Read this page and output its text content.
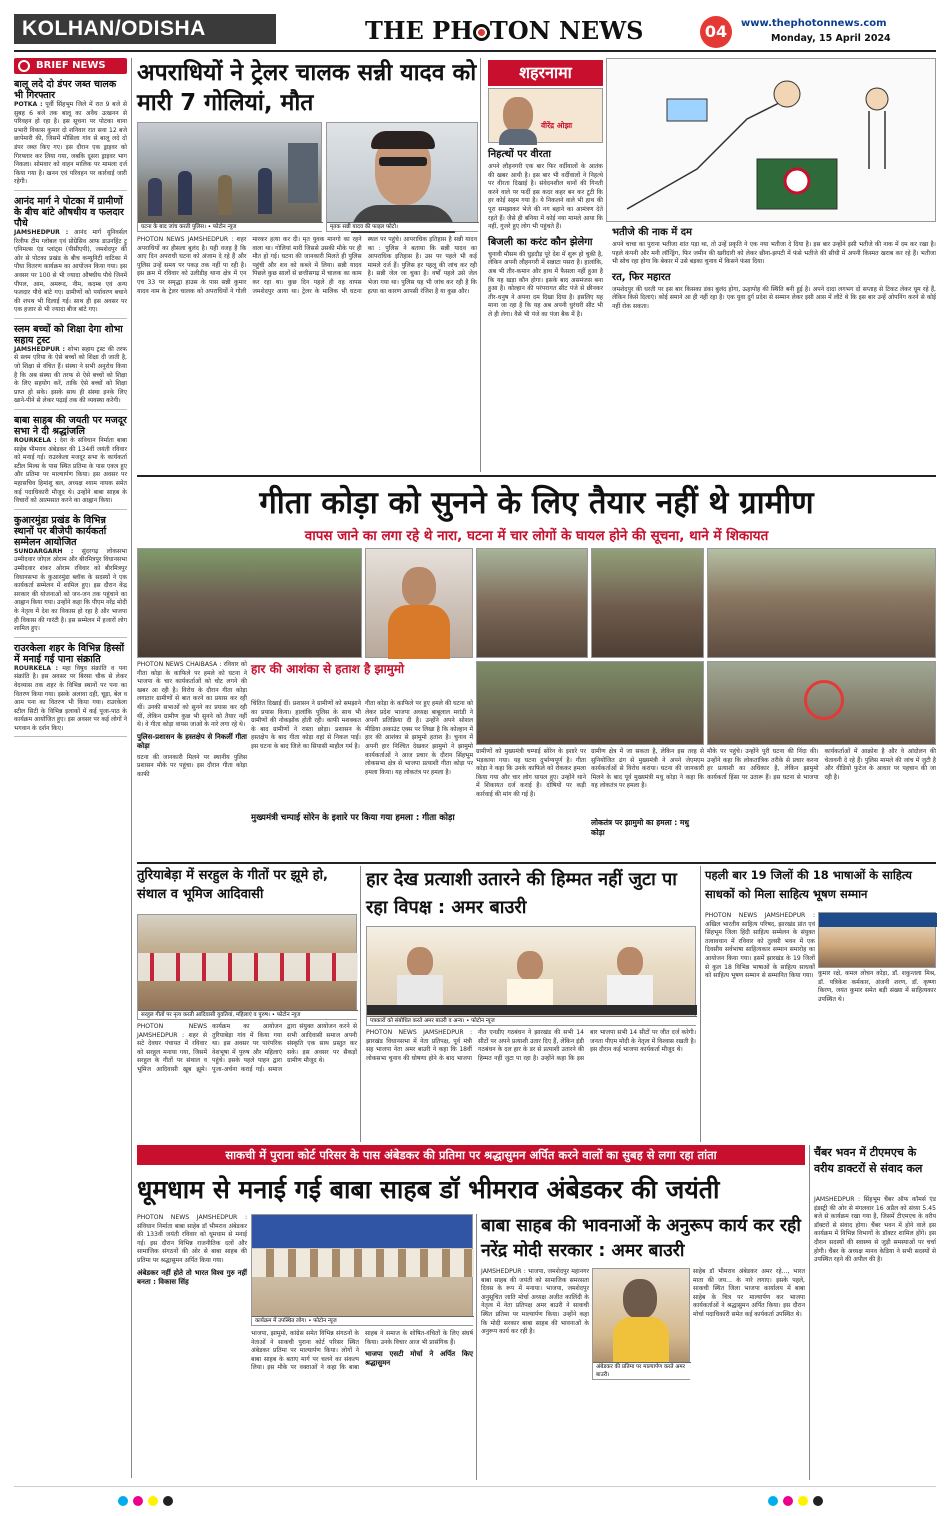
KOLHAN/ODISHA	THE PH TON NEWS	04	www.thephotonnews.com
Monday, 15 April 2024
BRIEF NEWS
बालू लदे दो डंपर जब्त चालक भी गिरफ्तार
POTKA : पूर्वी सिंहभूम जिले में रात 9 बजे से सुबह 6 बजे तक बालू का अवैध उत्खनन से परिवहन हो रहा है। इस सूचना पर पोटका थाना प्रभारी विकास कुमार दो शनिवार रात सवा 12 बजे छापेमारी की, जिसमें मौसिला गांव से बालू लदे दो डंपर जब्त किए गए। इस दौरान एक ड्राइवर को गिरफ्तार कर लिया गया, जबकि दूसरा ड्राइवर भाग निकला। सोमवार को वाहन मालिक पर मामला दर्ज किया गया है। खनन एवं परिवहन पर कार्रवाई जारी रहेगी।
आनंद मार्ग ने पोटका में ग्रामीणों के बीच बांटे औषधीय व फलदार पौधे
JAMSHEDPUR : आनंद मार्ग यूनिवर्सल रिलीफ टीम ग्लोबल एवं प्रोग्रेसिव आफ डाउनहिंट ट्रू एनिमल्स एंड प्लांट्स (पीसीएपी), जमशेदपुर की ओर से पोटका प्रखंड के बीच कम्युनिटी वाटिका में पौधा वितरण कार्यक्रम का आयोजन किया गया। इस अवसर पर 100 से भी ज्यादा औषधीय पौधे जिनमें पीपल, आम, अमरूद, नीम, कदम्ब एवं अन्य फलदार पौधे बांटे गए। ग्रामीणों को पर्यावरण बचाने की शपथ भी दिलाई गई। साथ ही इस अवसर पर एक हजार से भी ज्यादा बीज बांटे गए।
स्लम बच्चों को शिक्षा देगा शोभा सहाय ट्रस्ट
JAMSHEDPUR : शोभा सहाय ट्रस्ट की तरफ से स्लम एरिया के ऐसे बच्चों को शिक्षा दी जाती है, जो शिक्षा से वंचित हैं। संस्था ने सभी अनुरोध किया है कि अब संस्था की तरफ से ऐसे बच्चों को शिक्षा के लिए सहयोग करें, ताकि ऐसे बच्चों को शिक्षा प्राप्त हो सके। इसके साथ ही संस्था इनके लिए खाने-पीने से लेकर पढ़ाई तक की व्यवस्था करेगी।
बाबा साहब की जयती पर मजदूर सभा ने दी श्रद्धांजलि
ROURKELA : देश के संविधान निर्माता बाबा साहेब भीमराव अंबेडकर की 134वीं जयंती रविवार को मनाई गई। राउरकेला मजदूर सभा के कार्यकर्ता स्टील मिल्स के पास स्थित प्रतिमा के पास एकत्र हुए और प्रतिमा पर माल्यार्पण किया। इस अवसर पर महासचिव हिमांशु बल, अध्यक्ष श्याम नायक समेत कई पदाधिकारी मौजूद थे। उन्होंने बाबा साहब के विचारों को आत्मसात करने का आह्वान किया।
कुआरमुंडा प्रखंड के विभिन्न स्थानों पर बीजेपी कार्यकर्ता सम्मेलन आयोजित
SUNDARGARH : सुंदरगढ़ लोकसभा उम्मीदवार जोएल ओराम और बीरमित्रपुर विधानसभा उम्मीदवार शंकर ओराम रविवार को बीरमित्रपुर विधानसभा के कुआरमुंडा ब्लॉक के सदस्यों ने एक कार्यकर्ता सम्मेलन में शामिल हुए। इस दौरान केंद्र सरकार की योजनाओं को जन-जन तक पहुंचाने का आह्वान किया गया। उन्होंने कहा कि पीएम नरेंद्र मोदी के नेतृत्व में देश का विकास हो रहा है और भाजपा ही विकास की गारंटी है। इस सम्मेलन में हजारों लोग शामिल हुए।
राउरकेला शहर के विभिन्न हिस्सों में मनाई गई पाना संक्राति
ROURKELA : महा विषुव संक्रांति व पना संक्रांति है। इस अवसर पर बिरसा चौक से लेकर वेदव्यास तक शहर के विभिन्न स्थानों पर पना का वितरण किया गया। इसके अलावा दही, चूड़ा, बेल व आम पना का वितरण भी किया गया। राउरकेला स्टील सिटी के विभिन्न इलाकों में कई पूजा-पाठ के कार्यक्रम आयोजित हुए। इस अवसर पर कई लोगों ने भगवान के दर्शन किए।
अपराधियों ने ट्रेलर चालक सन्नी यादव को मारी 7 गोलियां, मौत
घटना के बाद जांच करती पुलिस। • फोटोन न्यूज	मृतक सन्नी यादव की फाइल फोटो।
PHOTON NEWS JAMSHEDPUR : शहर अपराधियों का हौसला बुलंद है। यही वजह है कि आए दिन अपराधी घटना को अंजाम दे रहे हैं और पुलिस उन्हें समय पर पकड़ तक नहीं पा रही है। इस क्रम में रविवार को उलीडीह थाना क्षेत्र में एन एच 33 पर समृद्धा हाउस के पास सन्नी कुमार यादव नाम के ट्रेलर चालक को अपराधियों ने गोली मारकर हत्या कर दी। मृत युवक मानगो का रहने वाला था। गोलियां मारी जिससे उसकी मौके पर ही मौत हो गई। घटना की जानकारी मिलते ही पुलिस पहुंची और शव को कब्जे में लिया। सन्नी यादव पिछले कुछ सालों से छत्तीसगढ़ में चालक का काम कर रहा था। कुछ दिन पहले ही वह वापस जमशेदपुर आया था। ट्रेलर के मालिक भी घटना स्थल पर पहुंचे। आपराधिक इतिहास है सन्नी यादव का : पुलिस ने बताया कि सन्नी यादव का आपराधिक इतिहास है। उस पर पहले भी कई मामले दर्ज हैं। पुलिस हर पहलू की जांच कर रही है। सन्नी जेल जा चुका है। वर्षों पहले उसे जेल भेजा गया था। पुलिस यह भी जांच कर रही है कि हत्या का कारण आपसी रंजिश है या कुछ और।
शहरनामा
वीरेंद्र ओझा
निहत्थों पर वीरता
अपने लौहनगरी एक बार फिर वर्दीवालों के आतंक की खबर आयी है। इस बार भी वर्दीवालों ने निहत्थे पर वीरता दिखाई है। संवेदनशील थानों की गिनती करने वाले पर फर्दी इस कदर कहर बन कर टूटी कि हर कोई सहम गया है। ये निकलने वाले भी हाथ की पूरा समझाकर भेजे की नग बहाने का आमंत्रण देते रहते हैं। जैसे ही बनिया में कोई नया मामले आया कि नहीं, गुजरे हुए लोग भी पहुंचते हैं।
बिजली का करंट कौन झेलेगा
चुनावी मौसम की घुड़दौड़ पूरे देश में शुरू हो चुकी है, लेकिन अपनी लौहनगरी में सन्नाटा पसरा है। हालांकि, अब भी तीर-कमान और हाथ में फैसला नहीं हुआ है कि यह खड़ा कौन होगा। इसके बाद असमंजस बना हुआ है। कोल्हान की परंपरागत सीट पंजे से छीनकर तीर-धनुष ने अपना दम दिखा दिया है। इसलिए यह माना जा रहा है कि यह अब अपनी धुरंधरी सीट भी ले ही लेगा। वैसे भी पंजे का पंजा बैक में है।
भतीजे की नाक में दम
अपने चाचा का पुराना भतीजा शांत पड़ा था, तो उन्हें प्रकृति ने एक नया भतीजा दे दिया है। इस बार उन्होंने इसी भतीजे की नाक में दम कर रखा है। पहले कंपनी और मनी लॉन्ड्रिंग, फिर जमीन की खरीदारी को लेकर छीना-झपटी में फंसे भतीजे की सीधी में अपनी किस्मत खराब कर रहे हैं। भतीजा भी सोच रहा होगा कि बेकार में उसे बड़का चुनाव में किसने फंसा दिया।
रत, फिर महारत
जमशेदपुर की धरती पर इस बार किसका डंका बुलंद होगा, ऊहापोह की स्थिति बनी हुई है। अपने दादा लगभग दो सप्ताह से टिकट लेकर घूम रहे हैं, लेकिन किसे दिलाएं। कोई समाने आ ही नहीं रहा है। एक युवा दुर्ग प्रदेश से सम्मान लेकर इसी आस में लौटे थे कि इस बार उन्हें ओपनिंग करने से कोई नहीं रोक सकता।
गीता कोड़ा को सुनने के लिए तैयार नहीं थे ग्रामीण
वापस जाने का लगा रहे थे नारा, घटना में चार लोगों के घायल होने की सूचना, थाने में शिकायत
PHOTON NEWS CHAIBASA : रविवार को गीता कोड़ा के काफिले पर हमले को घटना ने भाजपा के चार कार्यकर्ताओं को चोट लगने की खबर आ रही है। विरोध के दौरान गीता कोड़ा लगातार ग्रामीणों से बात करने का प्रयास कर रही थीं। उनकी सभाओं को सुनने का प्रयास कर रही थीं, लेकिन ग्रामीण कुछ भी सुनने को तैयार नहीं थे। वे गीता कोड़ा वापस जाओ के नारे लगा रहे थे।
पुलिस-प्रशासन के हस्तक्षेप से निकलीं गीता कोड़ा
घटना की जानकारी मिलने पर स्थानीय पुलिस प्रशासन मौके पर पहुंचा। इस दौरान गीता कोड़ा काफी
चिंतित दिखाई दीं। प्रशासन ने ग्रामीणों को समझाने का प्रयास किया। हालांकि पुलिस के साथ भी ग्रामीणों की नोकझोंक होती रही। काफी मशक्कत के बाद ग्रामीणों ने रास्ता छोड़ा। प्रशासन के हस्तक्षेप के बाद गीता कोड़ा वहां से निकल पाईं। इस घटना के बाद जिले का सियासी माहौल गर्म है।
हार की आशंका से हताश है झामुमो
गीता कोड़ा के काफिले पर हुए हमले की घटना को लेकर प्रदेश भाजपा अध्यक्ष बाबूलाल मरांडी ने अपनी प्रतिक्रिया दी है। उन्होंने अपने सोशल मीडिया अकाउंट एक्स पर लिखा है कि कोल्हान में हार की आशंका से झामुमो हताश है। चुनाव में अपनी हार निश्चित देखकर झामुमो ने झामुमो कार्यकर्ताओं ने आज प्रचार के दौरान सिंहभूम लोकसभा क्षेत्र से भाजपा प्रत्याशी गीता कोड़ा पर हमला किया। यह लोकतंत्र पर हमला है।
मुख्यमंत्री चम्पाई सोरेन के इशारे पर किया गया हमला : गीता कोड़ा
ग्रामीणों को मुख्यमंत्री चम्पाई सोरेन के इशारे पर भड़काया गया। यह घटना दुर्भाग्यपूर्ण है। गीता कोड़ा ने कहा कि उनके काफिले को रोककर हमला किया गया और चार लोग घायल हुए। उन्होंने थाने में शिकायत दर्ज कराई है। दोषियों पर कड़ी कार्रवाई की मांग की गई है।
ग्रामीण क्षेत्र में जा सकता है, लेकिन इस तरह से सुनियोजित ढंग से मुख्यमंत्री ने अपने जेएमएम कार्यकर्ताओं से विरोध कराया। घटना की जानकारी मिलने के बाद पूर्व मुख्यमंत्री मधु कोड़ा ने कहा कि यह लोकतंत्र पर हमला है।
लोकतंत्र पर झामुमो का हमला : मधु कोड़ा
मौके पर पहुंचे। उन्होंने पूरी घटना की निंदा की। उन्होंने कहा कि लोकतांत्रिक तरीके से प्रचार करना हर प्रत्याशी का अधिकार है, लेकिन झामुमो कार्यकर्ता हिंसा पर उतारू हैं। इस घटना से भाजपा कार्यकर्ताओं में आक्रोश है और वे आंदोलन की चेतावनी दे रहे हैं। पुलिस मामले की जांच में जुटी है और वीडियो फुटेज के आधार पर पहचान की जा रही है।
तुरियाबेड़ा में सरहुल के गीतों पर झूमे हो, संथाल व भूमिज आदिवासी
सरहुल गीतों पर नृत्य करती आदिवासी युवतियां, महिलाएं व पुरुष। • फोटोन न्यूज
PHOTON NEWS JAMSHEDPUR : शहर से सटे देवघर पंचायत में रविवार को सरहुल मनाया गया, जिसमें सरहुल के गीतों पर संथाल व भूमिज आदिवासी खूब झूमे। कार्यक्रम का आयोजन तुरियाबेड़ा गांव में किया गया था। इस अवसर पर पारंपरिक वेशभूषा में पुरुष और महिलाएं पहुंचे। इसके पहले पाहन द्वारा पूजा-अर्चना कराई गई। समाज द्वारा संयुक्त आयोजन करने से सभी आदिवासी समाज अपनी संस्कृति एक साथ प्रस्तुत कर सके। इस अवसर पर सैकड़ों ग्रामीण मौजूद थे।
हार देख प्रत्याशी उतारने की हिम्मत नहीं जुटा पा रहा विपक्ष : अमर बाउरी
पत्रकारों को संबोधित करते अमर बाउरी व अन्य। • फोटोन न्यूज
PHOTON NEWS JAMSHEDPUR : झारखंड विधानसभा में नेता प्रतिपक्ष, पूर्व मंत्री सह भाजपा नेता अमर बाउरी ने कहा कि 18वीं लोकसभा चुनाव की घोषणा होने के बाद भाजपा नीत एनडीए गठबंधन ने झारखंड की सभी 14 सीटों पर अपने प्रत्याशी उतार दिए हैं, लेकिन इंडी गठबंधन के दल हार के डर से प्रत्याशी उतारने की हिम्मत नहीं जुटा पा रहा है। उन्होंने कहा कि इस बार भाजपा सभी 14 सीटों पर जीत दर्ज करेगी। जनता पीएम मोदी के नेतृत्व में विश्वास रखती है। इस दौरान कई भाजपा कार्यकर्ता मौजूद थे।
पहली बार 19 जिलों की 18 भाषाओं के साहित्य साधकों को मिला साहित्य भूषण सम्मान
PHOTON NEWS JAMSHEDPUR : अखिल भारतीय साहित्य परिषद, झारखंड प्रांत एवं सिंहभूम जिला हिंदी साहित्य सम्मेलन के संयुक्त तत्वावधान में रविवार को तुलसी भवन में एक दिवसीय सर्वभाषा साहित्यकार सम्मान समारोह का आयोजन किया गया। इसमें झारखंड के 19 जिलों से कुल 18 विभिन्न भाषाओं के साहित्य साधकों को साहित्य भूषण सम्मान से सम्मानित किया गया। कुमार रक्षे, कमल लोचन कोड़ा, डॉ. शकुन्तला मिश्र, डॉ. पत्रिकेश कर्मकार, अंजनी शरण, डॉ. कृष्णा किरण, जयंत कुमार समेत बड़ी संख्या में साहित्यकार उपस्थित थे।
साकची में पुराना कोर्ट परिसर के पास अंबेडकर की प्रतिमा पर श्रद्धासुमन अर्पित करने वालों का सुबह से लगा रहा तांता
धूमधाम से मनाई गई बाबा साहब डॉ भीमराव अंबेडकर की जयंती
PHOTON NEWS JAMSHEDPUR : संविधान निर्माता बाबा साहेब डॉ भीमराव अंबेडकर की 133वीं जयंती रविवार को धूमधाम से मनाई गई। इस दौरान विभिन्न राजनीतिक दलों और सामाजिक संगठनों की ओर से बाबा साहब की प्रतिमा पर श्रद्धासुमन अर्पित किया गया।
अंबेडकर नहीं होते तो भारत विश्व गुरु नहीं बनता : विकास सिंह
कार्यक्रम में उपस्थित लोग। • फोटोन न्यूज
भाजपा, झामुमो, कांग्रेस समेत विभिन्न संगठनों के नेताओं ने साकची पुराना कोर्ट परिसर स्थित अंबेडकर प्रतिमा पर माल्यार्पण किया। लोगों ने बाबा साहब के बताए मार्ग पर चलने का संकल्प लिया। इस मौके पर वक्ताओं ने कहा कि बाबा साहब ने समाज के शोषित-वंचितों के लिए संघर्ष किया। उनके विचार आज भी प्रासंगिक हैं।
भाजपा एसटी मोर्चा ने अर्पित किए श्रद्धासुमन
बाबा साहब की भावनाओं के अनुरूप कार्य कर रही नरेंद्र मोदी सरकार : अमर बाउरी
JAMSHEDPUR : भाजपा, जमशेदपुर महानगर बाबा साहब की जयंती को सामाजिक समरसता दिवस के रूप में मनाया। भाजपा, जमशेदपुर अनुसूचित जाति मोर्चा अध्यक्ष अजीत कालिंदी के नेतृत्व में नेता प्रतिपक्ष अमर बाउरी ने साकची स्थित प्रतिमा पर माल्यार्पण किया। उन्होंने कहा कि मोदी सरकार बाबा साहब की भावनाओं के अनुरूप कार्य कर रही है।
अंबेडकर की प्रतिमा पर माल्यार्पण करते अमर बाउरी।
साहेब डॉ भीमराव अंबेडकर अमर रहे..., भारत माता की जय... के नारे लगाए। इसके पहले, साकची स्थित जिला भाजपा कार्यालय में बाबा साहेब के चित्र पर माल्यार्पण कर भाजपा कार्यकर्ताओं ने श्रद्धासुमन अर्पित किया। इस दौरान मोर्चा पदाधिकारी समेत कई कार्यकर्ता उपस्थित थे।
चैंबर भवन में टीएमएच के वरीय डाक्टरों से संवाद कल
JAMSHEDPUR : सिंहभूम चैंबर ऑफ कॉमर्स एंड इंडस्ट्री की ओर से मंगलवार 16 अप्रैल को संध्या 5.45 बजे से कार्यक्रम रखा गया है, जिसमें टीएमएच के वरीय डॉक्टरों से संवाद होगा। चैंबर भवन में होने वाले इस कार्यक्रम में विभिन्न विभागों के डॉक्टर शामिल होंगे। इस दौरान सदस्यों की स्वास्थ्य से जुड़ी समस्याओं पर चर्चा होगी। चैंबर के अध्यक्ष मानव केडिया ने सभी सदस्यों से उपस्थित रहने की अपील की है।
